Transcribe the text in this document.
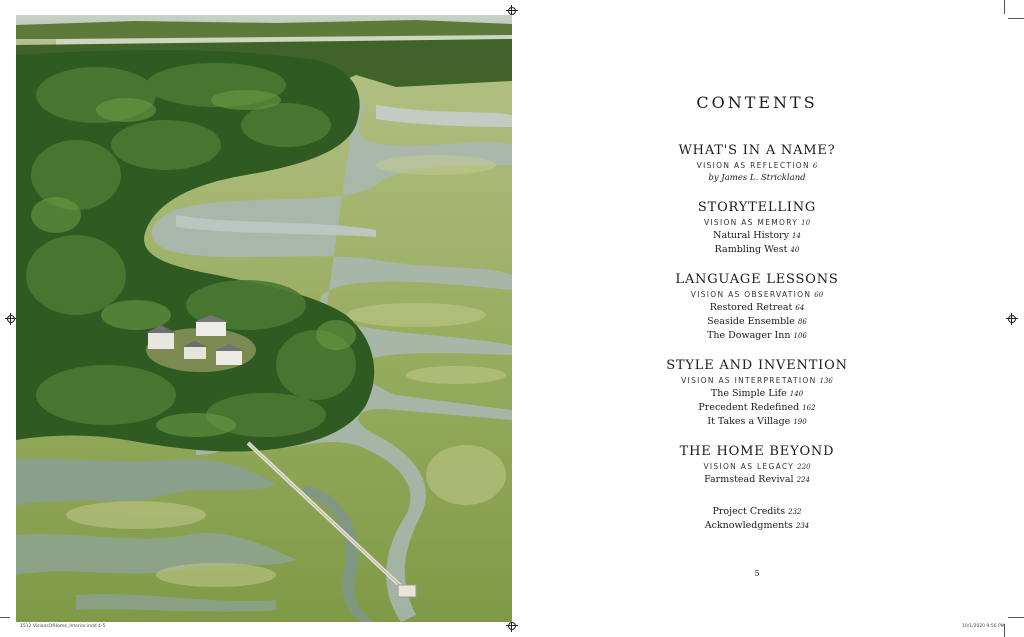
CONTENTS
WHAT'S IN A NAME?
VISION AS REFLECTION 6
by James L. Strickland
STORYTELLING
VISION AS MEMORY 10
Natural History 14
Rambling West 40
LANGUAGE LESSONS
VISION AS OBSERVATION 60
Restored Retreat 64
Seaside Ensemble 86
The Dowager Inn 106
STYLE AND INVENTION
VISION AS INTERPRETATION 136
The Simple Life 140
Precedent Redefined 162
It Takes a Village 190
THE HOME BEYOND
VISION AS LEGACY 220
Farmstead Revival 224
Project Credits 232
Acknowledgments 234
5
1512 VisionsOfHome_Interior.indd 4-5	10/1/2020 9:56 PM
